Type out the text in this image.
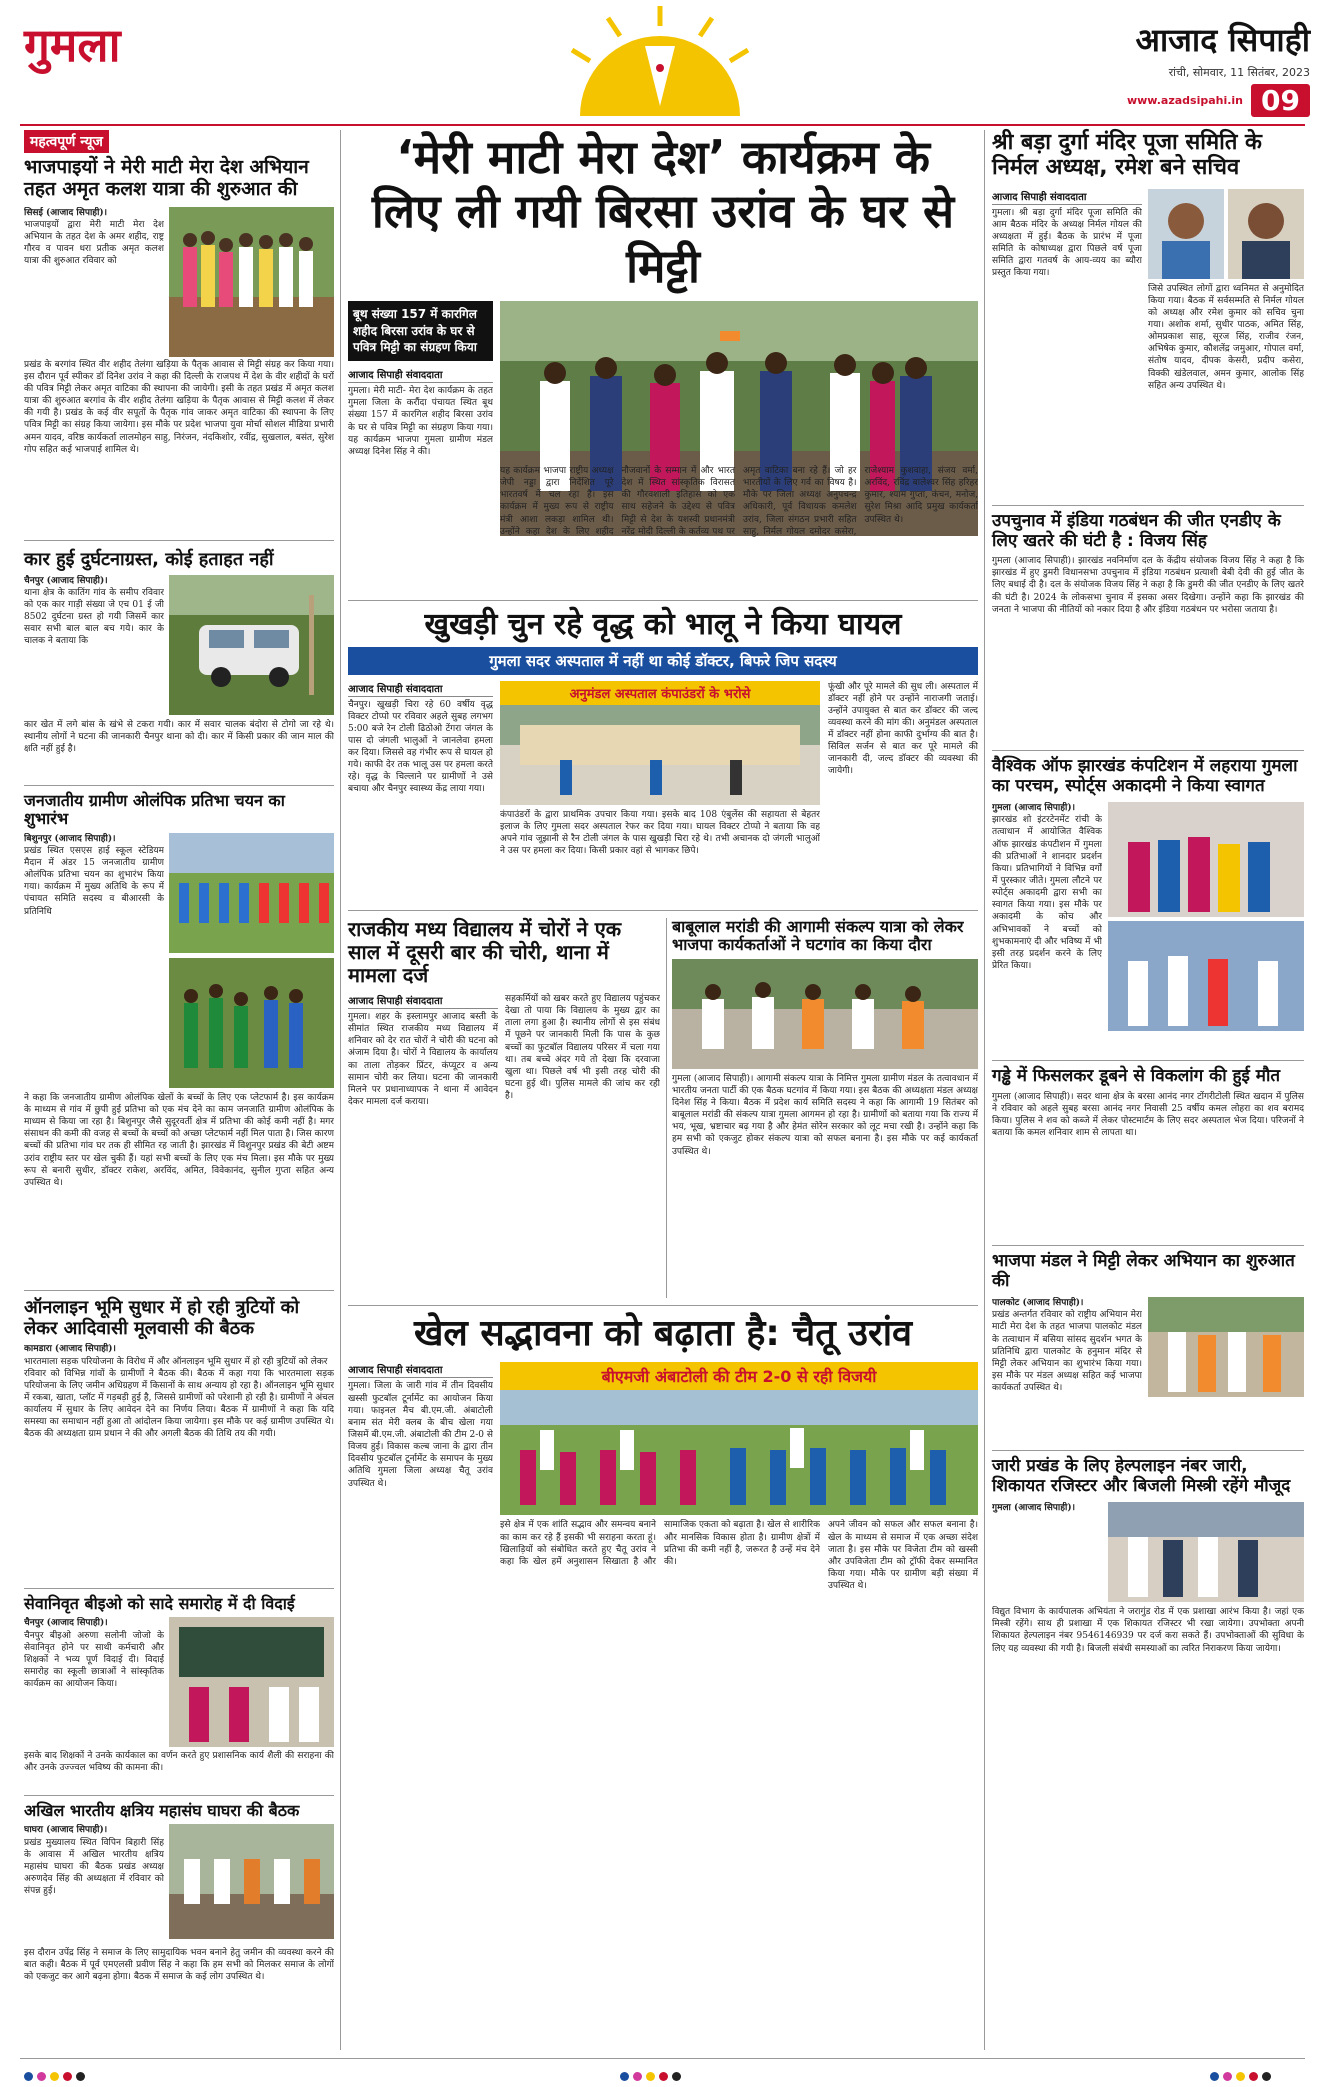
गुमला	आजाद सिपाही
रांची, सोमवार, 11 सितंबर, 2023
www.azadsipahi.in 09
महत्वपूर्ण न्यूज
भाजपाइयों ने मेरी माटी मेरा देश अभियान तहत अमृत कलश यात्रा की शुरुआत की
सिसई (आजाद सिपाही)।
भाजपाइयों द्वारा मेरी माटी मेरा देश अभियान के तहत देश के अमर शहीद, राष्ट्र गौरव व पावन धरा प्रतीक अमृत कलश यात्रा की शुरुआत रविवार को
प्रखंड के बरगांव स्थित वीर शहीद तेलंगा खड़िया के पैतृक आवास से मिट्टी संग्रह कर किया गया। इस दौरान पूर्व स्पीकर डॉ दिनेश उरांव ने कहा की दिल्ली के राजपथ में देश के वीर शहीदों के घरों की पवित्र मिट्टी लेकर अमृत वाटिका की स्थापना की जायेगी। इसी के तहत प्रखंड में अमृत कलश यात्रा की शुरुआत बरगांव के वीर शहीद तेलंगा खड़िया के पैतृक आवास से मिट्टी कलश में लेकर की गयी है। प्रखंड के कई वीर सपूतों के पैतृक गांव जाकर अमृत वाटिका की स्थापना के लिए पवित्र मिट्टी का संग्रह किया जायेगा। इस मौके पर प्रदेश भाजपा युवा मोर्चा सोशल मीडिया प्रभारी अमन यादव, वरिष्ठ कार्यकर्ता लालमोहन साहु, निरंजन, नंदकिशोर, रवींद्र, सुखलाल, बसंत, सुरेश गोप सहित कई भाजपाई शामिल थे।
कार हुई दुर्घटनाग्रस्त, कोई हताहत नहीं
चैनपुर (आजाद सिपाही)।
थाना क्षेत्र के कातिंग गांव के समीप रविवार को एक कार गाड़ी संख्या जे एच 01 ई जी 8502 दुर्घटना ग्रस्त हो गयी जिसमें कार सवार सभी बाल बाल बच गये। कार के चालक ने बताया कि
कार खेत में लगे बांस के खंभे से टकरा गयी। कार में सवार चालक बंदोरा से टोगो जा रहे थे। स्थानीय लोगों ने घटना की जानकारी चैनपुर थाना को दी। कार में किसी प्रकार की जान माल की क्षति नहीं हुई है।
जनजातीय ग्रामीण ओलंपिक प्रतिभा चयन का शुभारंभ
बिशुनपुर (आजाद सिपाही)।
प्रखंड स्थित एसएस हाई स्कूल स्टेडियम मैदान में अंडर 15 जनजातीय ग्रामीण ओलंपिक प्रतिभा चयन का शुभारंभ किया गया। कार्यक्रम में मुख्य अतिथि के रूप में पंचायत समिति सदस्य व बीआरसी के प्रतिनिधि
ने कहा कि जनजातीय ग्रामीण ओलंपिक खेलों के बच्चों के लिए एक प्लेटफार्म है। इस कार्यक्रम के माध्यम से गांव में छुपी हुई प्रतिभा को एक मंच देने का काम जनजाति ग्रामीण ओलंपिक के माध्यम से किया जा रहा है। बिशुनपुर जैसे सुदूरवर्ती क्षेत्र में प्रतिभा की कोई कमी नहीं है। मगर संसाधन की कमी की वजह से बच्चों के बच्चों को अच्छा प्लेटफार्म नहीं मिल पाता है। जिस कारण बच्चों की प्रतिभा गांव घर तक ही सीमित रह जाती है। झारखंड में विशुनपुर प्रखंड की बेटी अष्टम उरांव राष्ट्रीय स्तर पर खेल चुकी हैं। यहां सभी बच्चों के लिए एक मंच मिला। इस मौके पर मुख्य रूप से बनारी सुधीर, डॉक्टर राकेश, अरविंद, अमित, विवेकानंद, सुनील गुप्ता सहित अन्य उपस्थित थे।
ऑनलाइन भूमि सुधार में हो रही त्रुटियों को लेकर आदिवासी मूलवासी की बैठक
कामडारा (आजाद सिपाही)।
भारतमाला सड़क परियोजना के विरोध में और ऑनलाइन भूमि सुधार में हो रही त्रुटियों को लेकर
रविवार को विभिन्न गांवों के ग्रामीणों ने बैठक की। बैठक में कहा गया कि भारतमाला सड़क परियोजना के लिए जमीन अधिग्रहण में किसानों के साथ अन्याय हो रहा है। ऑनलाइन भूमि सुधार में रकबा, खाता, प्लॉट में गड़बड़ी हुई है, जिससे ग्रामीणों को परेशानी हो रही है। ग्रामीणों ने अंचल कार्यालय में सुधार के लिए आवेदन देने का निर्णय लिया। बैठक में ग्रामीणों ने कहा कि यदि समस्या का समाधान नहीं हुआ तो आंदोलन किया जायेगा। इस मौके पर कई ग्रामीण उपस्थित थे। बैठक की अध्यक्षता ग्राम प्रधान ने की और अगली बैठक की तिथि तय की गयी।
सेवानिवृत बीइओ को सादे समारोह में दी विदाई
चैनपुर (आजाद सिपाही)।
चैनपुर बीइओ अरुणा सलोनी जोजो के सेवानिवृत होने पर साथी कर्मचारी और शिक्षकों ने भव्य पूर्ण विदाई दी। विदाई समारोह का स्कूली छात्राओं ने सांस्कृतिक कार्यक्रम का आयोजन किया।
इसके बाद शिक्षकों ने उनके कार्यकाल का वर्णन करते हुए प्रशासनिक कार्य शैली की सराहना की और उनके उज्ज्वल भविष्य की कामना की।
अखिल भारतीय क्षत्रिय महासंघ घाघरा की बैठक
घाघरा (आजाद सिपाही)।
प्रखंड मुख्यालय स्थित विपिन बिहारी सिंह के आवास में अखिल भारतीय क्षत्रिय महासंघ घाघरा की बैठक प्रखंड अध्यक्ष अरुणदेव सिंह की अध्यक्षता में रविवार को संपन्न हुई।
इस दौरान उपेंद्र सिंह ने समाज के लिए सामुदायिक भवन बनाने हेतु जमीन की व्यवस्था करने की बात कही। बैठक में पूर्व एमएलसी प्रवीण सिंह ने कहा कि हम सभी को मिलकर समाज के लोगों को एकजुट कर आगे बढ़ना होगा। बैठक में समाज के कई लोग उपस्थित थे।
‘मेरी माटी मेरा देश’ कार्यक्रम के लिए ली गयी बिरसा उरांव के घर से मिट्टी
बूथ संख्या 157 में कारगिल शहीद बिरसा उरांव के घर से पवित्र मिट्टी का संग्रहण किया
आजाद सिपाही संवाददाता
गुमला। मेरी माटी- मेरा देश कार्यक्रम के तहत गुमला जिला के करौंदा पंचायत स्थित बूथ संख्या 157 में कारगिल शहीद बिरसा उरांव के घर से पवित्र मिट्टी का संग्रहण किया गया। यह कार्यक्रम भाजपा गुमला ग्रामीण मंडल अध्यक्ष दिनेश सिंह ने की।
यह कार्यक्रम भाजपा राष्ट्रीय अध्यक्ष जेपी नड्डा द्वारा निर्देशित पूरे भारतवर्ष में चल रहा है। इस कार्यक्रम में मुख्य रूप से राष्ट्रीय मंत्री आशा लकड़ा शामिल थी। उन्होंने कहा देश के लिए शहीद नौजवानों के सम्मान में और भारत देश में स्थित सांस्कृतिक विरासत की गौरवशाली इतिहास को एक साथ सहेजने के उद्देश्य से पवित्र मिट्टी से देश के यशस्वी प्रधानमंत्री नरेंद्र मोदी दिल्ली के कर्तव्य पथ पर अमृत वाटिका बना रहे हैं। जो हर भारतीयों के लिए गर्व का विषय है। मौके पर जिला अध्यक्ष अनुपचन्द्र अधिकारी, पूर्व विधायक कमलेश उरांव, जिला संगठन प्रभारी सहित साहु, निर्मल गोयल दमोदर कसेरा, राजेश्याम कुशवाहा, संजय वर्मा, अरविंद, रविंद्र बालेश्वर सिंह हरिहर कुमार, श्याम गुप्ता, कंचन, मनोज, सुरेश मिश्रा आदि प्रमुख कार्यकर्ता उपस्थित थे।
खुखड़ी चुन रहे वृद्ध को भालू ने किया घायल
गुमला सदर अस्पताल में नहीं था कोई डॉक्टर, बिफरे जिप सदस्य
आजाद सिपाही संवाददाता
चैनपुर। खुखड़ी चिरा रहे 60 वर्षीय वृद्ध विक्टर टोप्पो पर रविवार अहले सुबह लगभग 5:00 बजे रेन टोली ढिठोओ टेंगरा जंगल के पास दो जंगली भालुओं ने जानलेवा हमला कर दिया। जिससे वह गंभीर रूप से घायल हो गये। काफी देर तक भालू उस पर हमला करते रहे। वृद्ध के चिल्लाने पर ग्रामीणों ने उसे बचाया और चैनपुर स्वास्थ्य केंद्र लाया गया।
अनुमंडल अस्पताल कंपाउंडरों के भरोसे
कंपाउंडरों के द्वारा प्राथमिक उपचार किया गया। इसके बाद 108 एंबुलेंस की सहायता से बेहतर इलाज के लिए गुमला सदर अस्पताल रेफर कर दिया गया। घायल विक्टर टोप्पो ने बताया कि वह अपने गांव जूझानी से रैन टोली जंगल के पास खुखड़ी चिरा रहे थे। तभी अचानक दो जंगली भालुओं ने उस पर हमला कर दिया। किसी प्रकार वहां से भागकर छिपे।
फूंखी और पूरे मामले की सुध ली। अस्पताल में डॉक्टर नहीं होने पर उन्होंने नाराजगी जताई। उन्होंने उपायुक्त से बात कर डॉक्टर की जल्द व्यवस्था करने की मांग की। अनुमंडल अस्पताल में डॉक्टर नहीं होना काफी दुर्भाग्य की बात है। सिविल सर्जन से बात कर पूरे मामले की जानकारी दी, जल्द डॉक्टर की व्यवस्था की जायेगी।
राजकीय मध्य विद्यालय में चोरों ने एक साल में दूसरी बार की चोरी, थाना में मामला दर्ज
आजाद सिपाही संवाददाता
गुमला। शहर के इस्लामपुर आजाद बस्ती के सीमांत स्थित राजकीय मध्य विद्यालय में शनिवार को देर रात चोरों ने चोरी की घटना को अंजाम दिया है। चोरों ने विद्यालय के कार्यालय का ताला तोड़कर प्रिंटर, कंप्यूटर व अन्य सामान चोरी कर लिया। घटना की जानकारी मिलने पर प्रधानाध्यापक ने थाना में आवेदन देकर मामला दर्ज कराया।
सहकर्मियों को खबर करते हुए विद्यालय पहुंचकर देखा तो पाया कि विद्यालय के मुख्य द्वार का ताला लगा हुआ है। स्थानीय लोगों से इस संबंध में पूछने पर जानकारी मिली कि पास के कुछ बच्चों का फुटबॉल विद्यालय परिसर में चला गया था। तब बच्चे अंदर गये तो देखा कि दरवाजा खुला था। पिछले वर्ष भी इसी तरह चोरी की घटना हुई थी। पुलिस मामले की जांच कर रही है।
बाबूलाल मरांडी की आगामी संकल्प यात्रा को लेकर भाजपा कार्यकर्ताओं ने घटगांव का किया दौरा
गुमला (आजाद सिपाही)। आगामी संकल्प यात्रा के निमित्त गुमला ग्रामीण मंडल के तत्वावधान में भारतीय जनता पार्टी की एक बैठक घटगांव में किया गया। इस बैठक की अध्यक्षता मंडल अध्यक्ष दिनेश सिंह ने किया। बैठक में प्रदेश कार्य समिति सदस्य ने कहा कि आगामी 19 सितंबर को बाबूलाल मरांडी की संकल्प यात्रा गुमला आगमन हो रहा है। ग्रामीणों को बताया गया कि राज्य में भय, भूख, भ्रष्टाचार बढ़ गया है और हेमंत सोरेन सरकार को लूट मचा रखी है। उन्होंने कहा कि हम सभी को एकजुट होकर संकल्प यात्रा को सफल बनाना है। इस मौके पर कई कार्यकर्ता उपस्थित थे।
खेल सद्भावना को बढ़ाता है: चैतू उरांव
आजाद सिपाही संवाददाता
गुमला। जिला के जारी गांव में तीन दिवसीय खस्सी फुटबॉल टूर्नामेंट का आयोजन किया गया। फाइनल मैच बी.एम.जी. अंबाटोली बनाम संत मेरी क्लब के बीच खेला गया जिसमें बी.एम.जी. अंबाटोली की टीम 2-0 से विजय हुई। विकास कल्ब जाना के द्वारा तीन दिवसीय फुटबॉल टूर्नामेंट के समापन के मुख्य अतिथि गुमला जिला अध्यक्ष चैतू उरांव उपस्थित थे।
बीएमजी अंबाटोली की टीम 2-0 से रही विजयी
इसे क्षेत्र में एक शांति सद्भाव और समन्वय बनाने का काम कर रहे हैं इसकी भी सराहना करता हूं। खिलाड़ियों को संबोधित करते हुए चैतू उरांव ने कहा कि खेल हमें अनुशासन सिखाता है और सामाजिक एकता को बढ़ाता है। खेल से शारीरिक और मानसिक विकास होता है। ग्रामीण क्षेत्रों में प्रतिभा की कमी नहीं है, जरूरत है उन्हें मंच देने की।
अपने जीवन को सफल और सफल बनाना है। खेल के माध्यम से समाज में एक अच्छा संदेश जाता है। इस मौके पर विजेता टीम को खस्सी और उपविजेता टीम को ट्रॉफी देकर सम्मानित किया गया। मौके पर ग्रामीण बड़ी संख्या में उपस्थित थे।
श्री बड़ा दुर्गा मंदिर पूजा समिति के निर्मल अध्यक्ष, रमेश बने सचिव
आजाद सिपाही संवाददाता
गुमला। श्री बड़ा दुर्गा मंदिर पूजा समिति की आम बैठक मंदिर के अध्यक्ष निर्मल गोयल की अध्यक्षता में हुई। बैठक के प्रारंभ में पूजा समिति के कोषाध्यक्ष द्वारा पिछले वर्ष पूजा समिति द्वारा गतवर्ष के आय-व्यय का ब्यौरा प्रस्तुत किया गया।
जिसे उपस्थित लोगों द्वारा ध्वनिमत से अनुमोदित किया गया। बैठक में सर्वसम्मति से निर्मल गोयल को अध्यक्ष और रमेश कुमार को सचिव चुना गया। अशोक शर्मा, सुधीर पाठक, अमित सिंह, ओमप्रकाश साह, सूरज सिंह, राजीव रंजन, अभिषेक कुमार, कौशलेंद्र जमुआर, गोपाल वर्मा, संतोष यादव, दीपक केसरी, प्रदीप कसेरा, विक्की खंडेलवाल, अमन कुमार, आलोक सिंह सहित अन्य उपस्थित थे।
उपचुनाव में इंडिया गठबंधन की जीत एनडीए के लिए खतरे की घंटी है : विजय सिंह
गुमला (आजाद सिपाही)। झारखंड नवनिर्माण दल के केंद्रीय संयोजक विजय सिंह ने कहा है कि झारखंड में हुए डुमरी विधानसभा उपचुनाव में इंडिया गठबंधन प्रत्याशी बेबी देवी की हुई जीत के लिए बधाई दी है। दल के संयोजक विजय सिंह ने कहा है कि डुमरी की जीत एनडीए के लिए खतरे की घंटी है। 2024 के लोकसभा चुनाव में इसका असर दिखेगा। उन्होंने कहा कि झारखंड की जनता ने भाजपा की नीतियों को नकार दिया है और इंडिया गठबंधन पर भरोसा जताया है।
वैश्विक ऑफ झारखंड कंपटिशन में लहराया गुमला का परचम, स्पोर्ट्स अकादमी ने किया स्वागत
गुमला (आजाद सिपाही)।
झारखंड शो इंटरटेनमेंट रांची के तत्वाधान में आयोजित वैश्विक ऑफ झारखंड कंपटीशन में गुमला की प्रतिभाओं ने शानदार प्रदर्शन किया। प्रतिभागियों ने विभिन्न वर्गों में पुरस्कार जीते। गुमला लौटने पर स्पोर्ट्स अकादमी द्वारा सभी का स्वागत किया गया। इस मौके पर अकादमी के कोच और अभिभावकों ने बच्चों को शुभकामनाएं दी और भविष्य में भी इसी तरह प्रदर्शन करने के लिए प्रेरित किया।
गड्ढे में फिसलकर डूबने से विकलांग की हुई मौत
गुमला (आजाद सिपाही)। सदर थाना क्षेत्र के बरसा आनंद नगर टोंगरीटोली स्थित खदान में पुलिस ने रविवार को अहले सुबह बरसा आनंद नगर निवासी 25 वर्षीय कमल लोहरा का शव बरामद किया। पुलिस ने शव को कब्जे में लेकर पोस्टमार्टम के लिए सदर अस्पताल भेज दिया। परिजनों ने बताया कि कमल शनिवार शाम से लापता था।
भाजपा मंडल ने मिट्टी लेकर अभियान का शुरुआत की
पालकोट (आजाद सिपाही)।
प्रखंड अन्तर्गत रविवार को राष्ट्रीय अभियान मेरा माटी मेरा देश के तहत भाजपा पालकोट मंडल के तत्वाधान में बसिया सांसद सुदर्शन भगत के प्रतिनिधि द्वारा पालकोट के हनुमान मंदिर से मिट्टी लेकर अभियान का शुभारंभ किया गया। इस मौके पर मंडल अध्यक्ष सहित कई भाजपा कार्यकर्ता उपस्थित थे।
जारी प्रखंड के लिए हेल्पलाइन नंबर जारी, शिकायत रजिस्टर और बिजली मिस्त्री रहेंगे मौजूद
गुमला (आजाद सिपाही)।
विद्युत विभाग के कार्यपालक अभियंता ने जरागुंड रोड में एक प्रशाखा आरंभ किया है। जहां एक मिस्त्री रहेंगे। साथ ही प्रशाखा में एक शिकायत रजिस्टर भी रखा जायेगा। उपभोक्ता अपनी शिकायत हेल्पलाइन नंबर 9546146939 पर दर्ज करा सकते हैं। उपभोक्ताओं की सुविधा के लिए यह व्यवस्था की गयी है। बिजली संबंधी समस्याओं का त्वरित निराकरण किया जायेगा।
